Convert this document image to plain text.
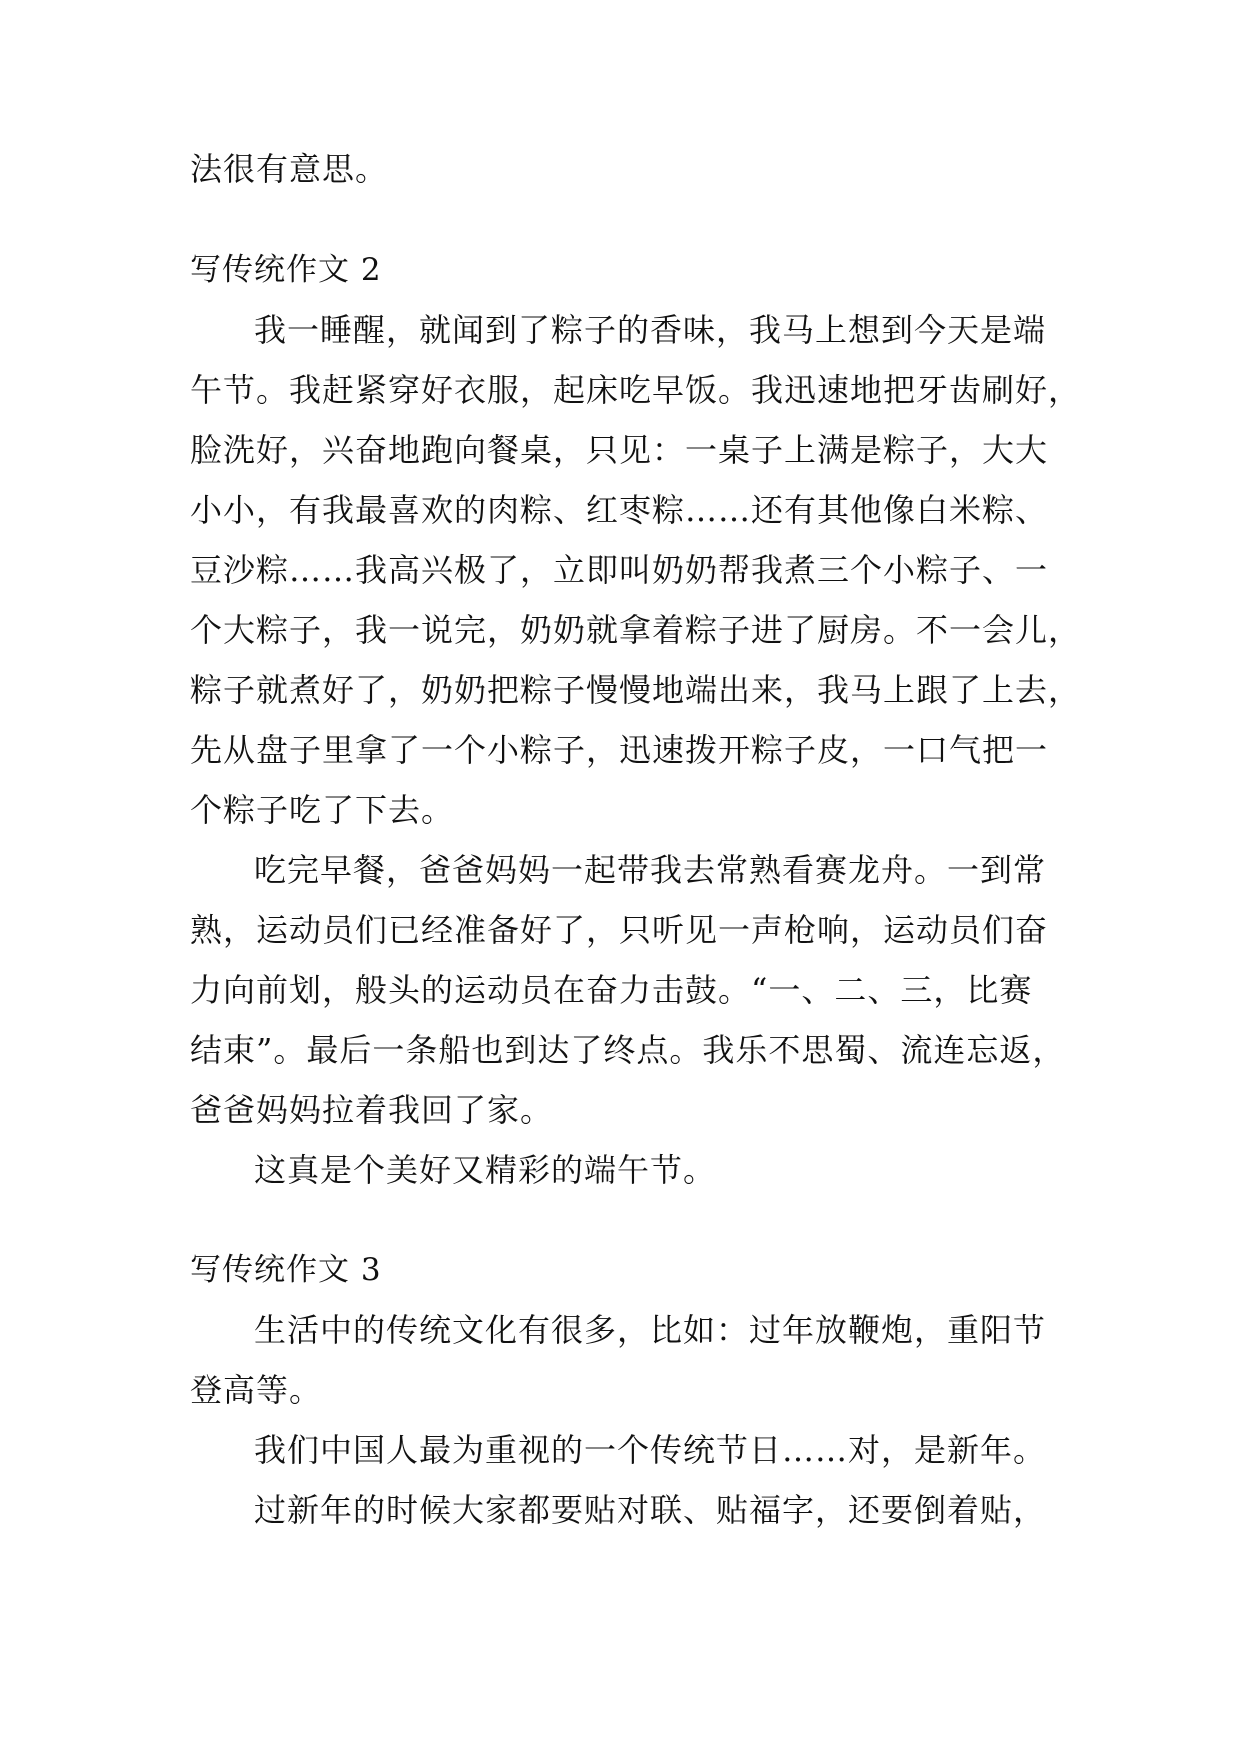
法很有意思。
写传统作文 2
我一睡醒，就闻到了粽子的香味，我马上想到今天是端
午节。我赶紧穿好衣服，起床吃早饭。我迅速地把牙齿刷好，
脸洗好，兴奋地跑向餐桌，只见：一桌子上满是粽子，大大
小小，有我最喜欢的肉粽、红枣粽……还有其他像白米粽、
豆沙粽……我高兴极了，立即叫奶奶帮我煮三个小粽子、一
个大粽子，我一说完，奶奶就拿着粽子进了厨房。不一会儿，
粽子就煮好了，奶奶把粽子慢慢地端出来，我马上跟了上去，
先从盘子里拿了一个小粽子，迅速拨开粽子皮，一口气把一
个粽子吃了下去。
吃完早餐，爸爸妈妈一起带我去常熟看赛龙舟。一到常
熟，运动员们已经准备好了，只听见一声枪响，运动员们奋
力向前划，般头的运动员在奋力击鼓。“一、二、三，比赛
结束”。最后一条船也到达了终点。我乐不思蜀、流连忘返，
爸爸妈妈拉着我回了家。
这真是个美好又精彩的端午节。
写传统作文 3
生活中的传统文化有很多，比如：过年放鞭炮，重阳节
登高等。
我们中国人最为重视的一个传统节日……对，是新年。
过新年的时候大家都要贴对联、贴福字，还要倒着贴，
